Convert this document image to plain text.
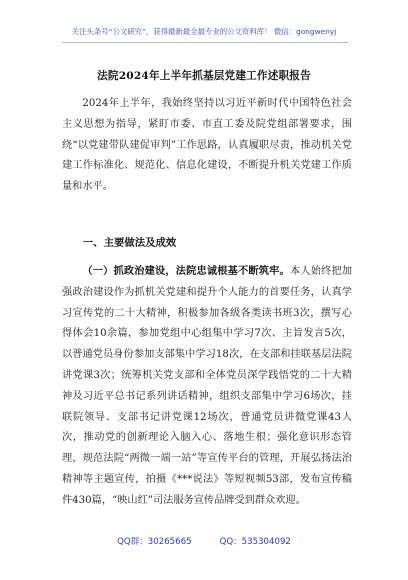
关注头条号“公文研究”，获得最新最全最专业的公文资料库！ 微信：gongwenyj
法院2024年上半年抓基层党建工作述职报告

2024年上半年，我始终坚持以习近平新时代中国特色社会主义思想为指导，紧盯市委、市直工委及院党组部署要求，围绕“以党建带队建促审判”工作思路，认真履职尽责，推动机关党建工作标准化、规范化、信息化建设，不断提升机关党建工作质量和水平。

一、主要做法及成效

（一）抓政治建设，法院忠诚根基不断筑牢。本人始终把加强政治建设作为抓机关党建和提升个人能力的首要任务，认真学习宣传党的二十大精神，积极参加各级各类读书班3次，撰写心得体会10余篇，参加党组中心组集中学习7次、主旨发言5次，以普通党员身份参加支部集中学习18次，在支部和挂联基层法院讲党课3次；统筹机关党支部和全体党员深学践悟党的二十大精神及习近平总书记系列讲话精神，组织支部集中学习6场次，挂联院领导、支部书记讲党课12场次，普通党员讲微党课43人次，推动党的创新理论入脑入心、落地生根；强化意识形态管理，规范法院“两微一端一站”等宣传平台的管理，开展弘扬法治精神等主题宣传，拍摄《***说法》等短视频53部，发布宣传稿件430篇，“映山红”司法服务宣传品牌受到群众欢迎。

QQ群：30265665	QQ：535304092
